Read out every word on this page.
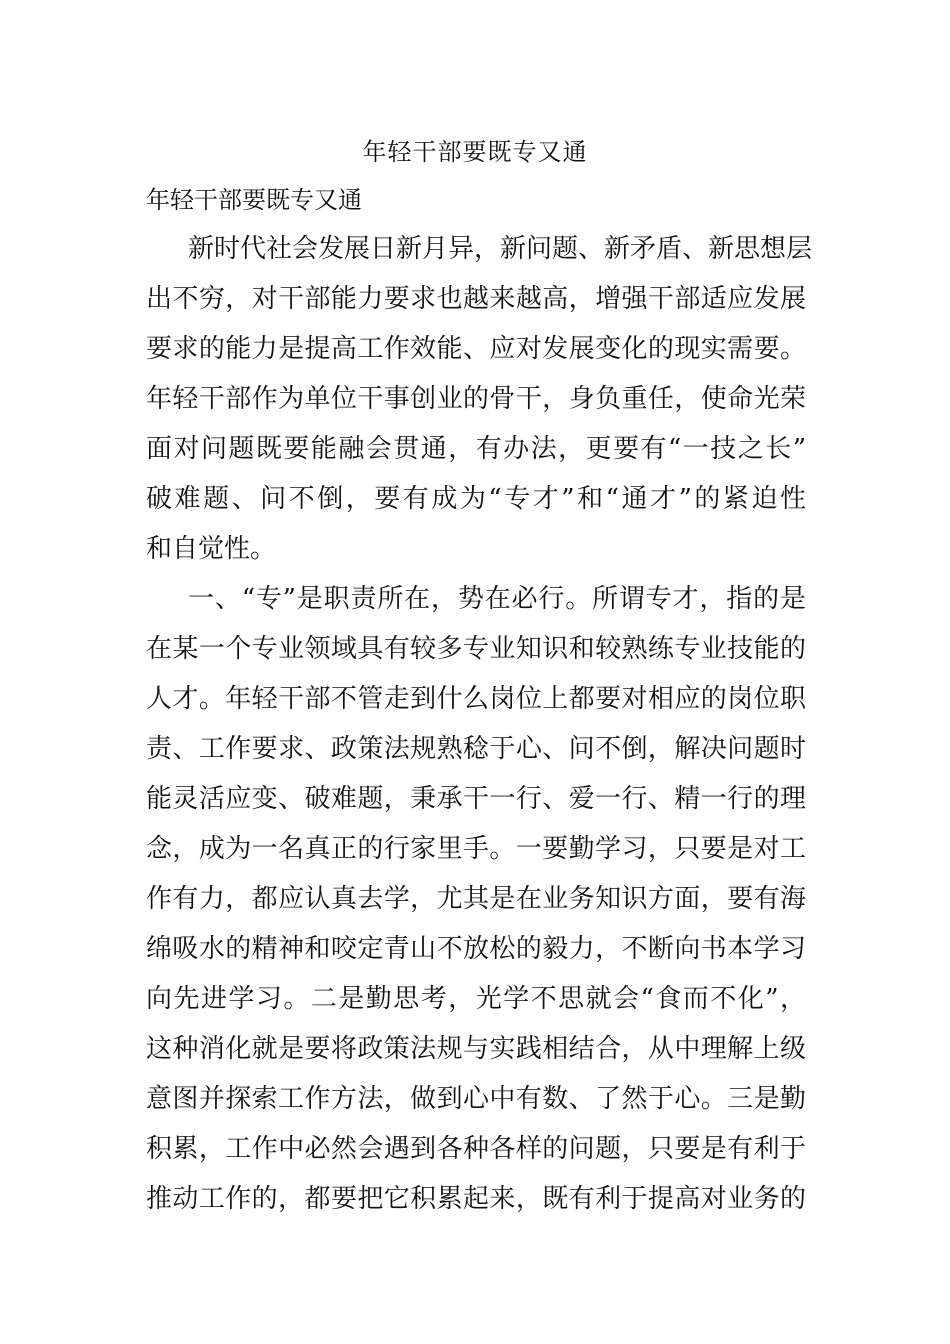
年轻干部要既专又通
年轻干部要既专又通
新时代社会发展日新月异，新问题、新矛盾、新思想层
出不穷，对干部能力要求也越来越高，增强干部适应发展
要求的能力是提高工作效能、应对发展变化的现实需要。
年轻干部作为单位干事创业的骨干，身负重任，使命光荣
面对问题既要能融会贯通，有办法，更要有“一技之长”
破难题、问不倒，要有成为“专才”和“通才”的紧迫性
和自觉性。
一、“专”是职责所在，势在必行。所谓专才，指的是
在某一个专业领域具有较多专业知识和较熟练专业技能的
人才。年轻干部不管走到什么岗位上都要对相应的岗位职
责、工作要求、政策法规熟稔于心、问不倒，解决问题时
能灵活应变、破难题，秉承干一行、爱一行、精一行的理
念，成为一名真正的行家里手。一要勤学习，只要是对工
作有力，都应认真去学，尤其是在业务知识方面，要有海
绵吸水的精神和咬定青山不放松的毅力，不断向书本学习
向先进学习。二是勤思考，光学不思就会“食而不化”，
这种消化就是要将政策法规与实践相结合，从中理解上级
意图并探索工作方法，做到心中有数、了然于心。三是勤
积累，工作中必然会遇到各种各样的问题，只要是有利于
推动工作的，都要把它积累起来，既有利于提高对业务的
